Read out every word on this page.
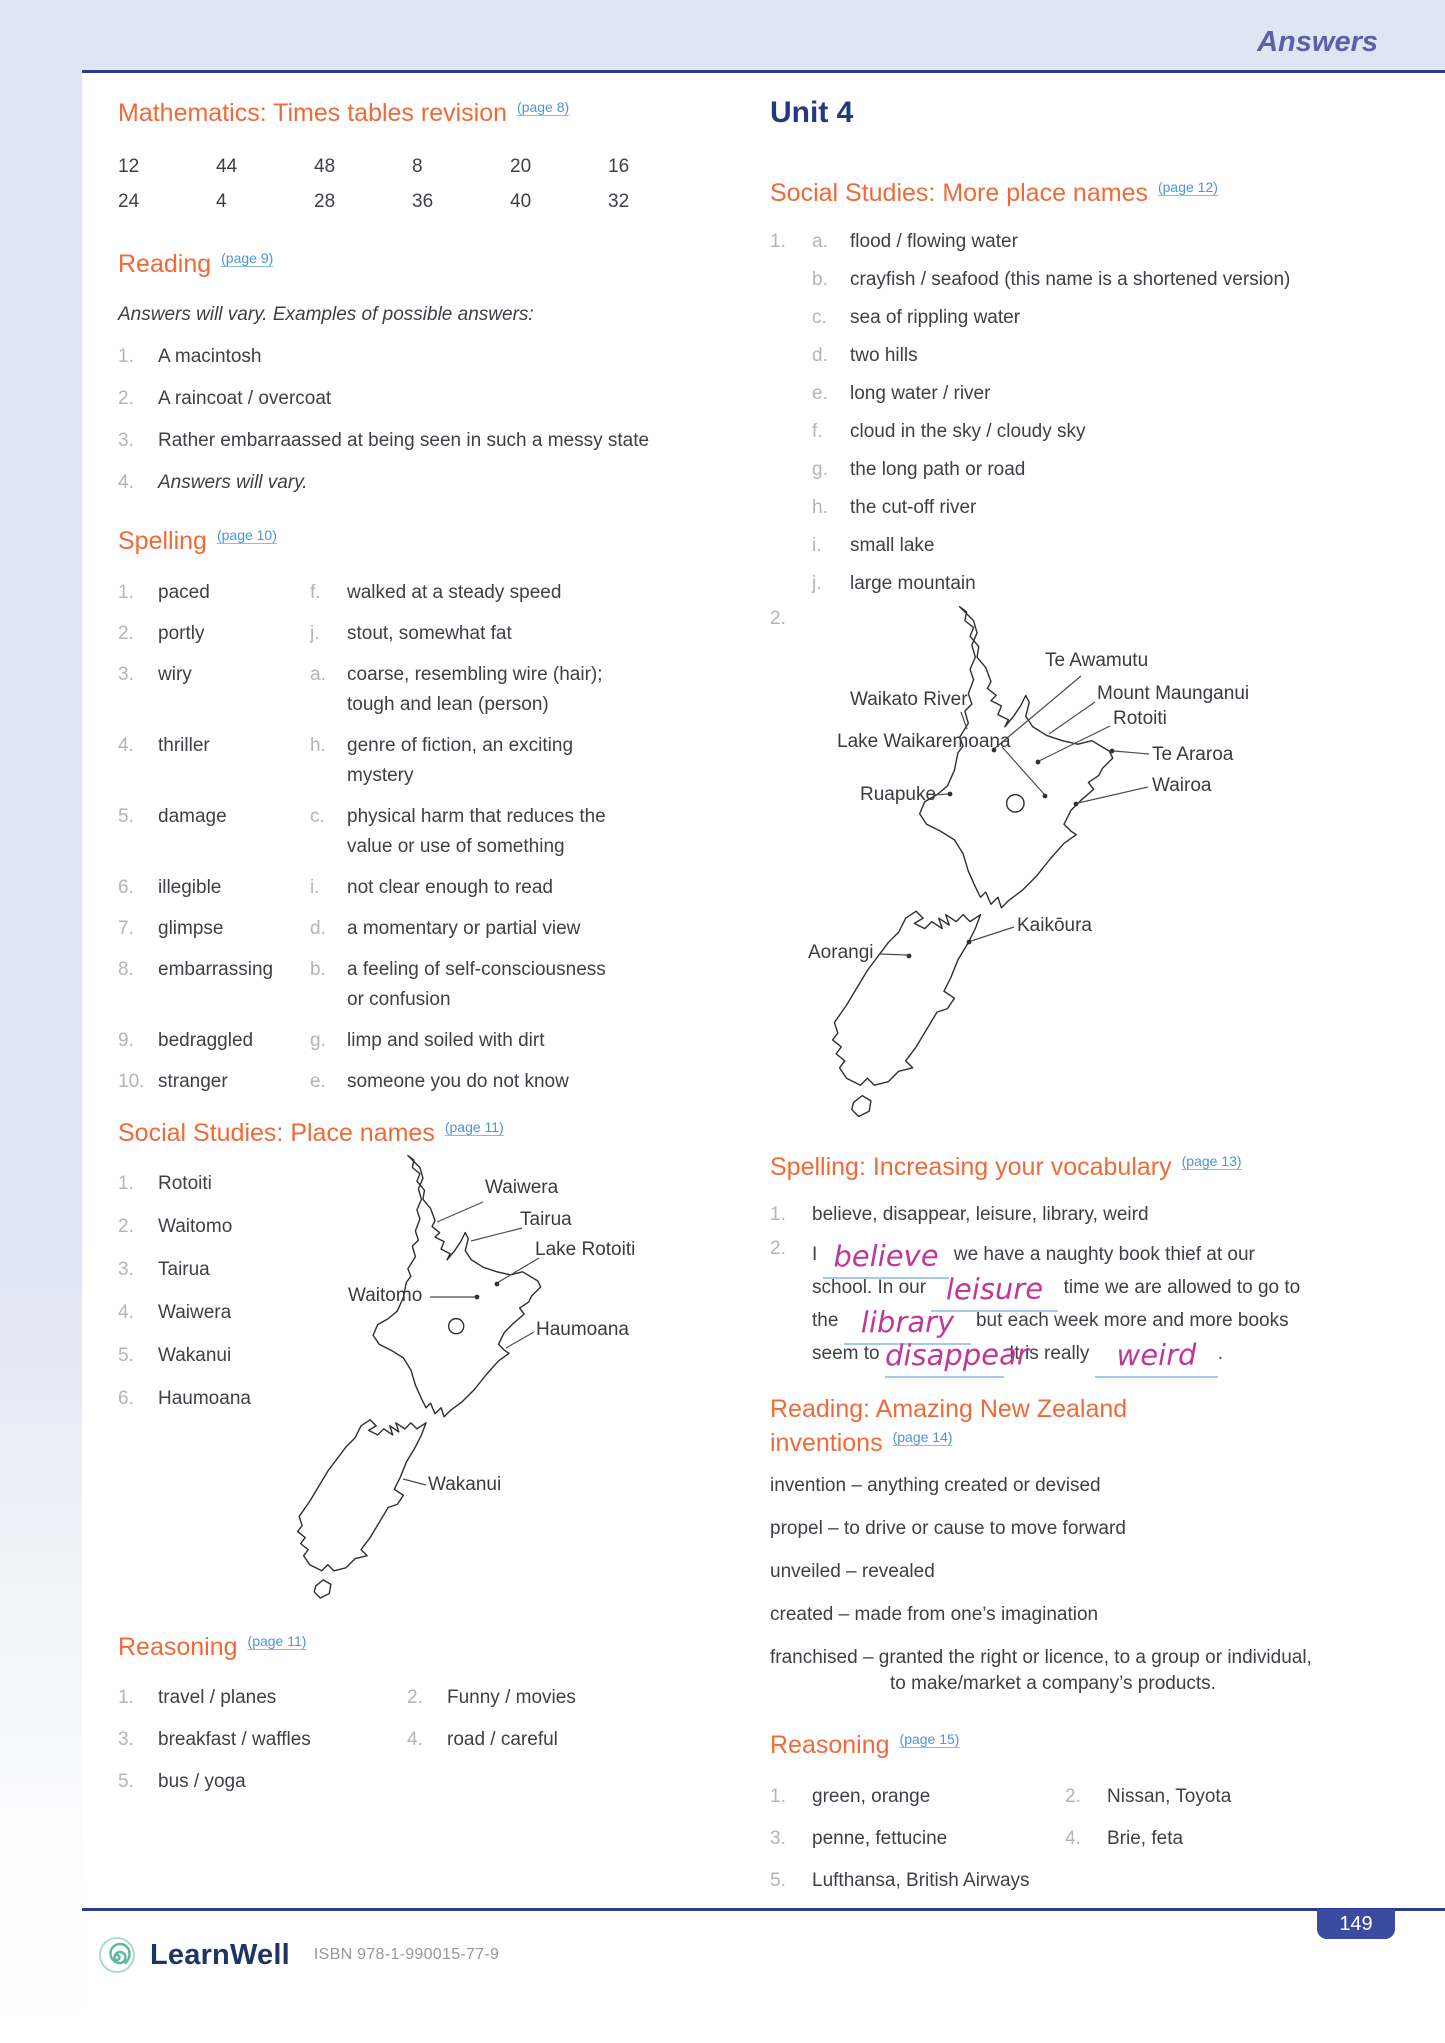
Answers
Mathematics: Times tables revision $^{(page 8)}$
12	44	48	8	20	16
24	4	28	36	40	32
Reading $^{(page 9)}$
Answers will vary. Examples of possible answers:
1.	A macintosh
2.	A raincoat / overcoat
3.	Rather embarraassed at being seen in such a messy state
4.	Answers will vary.
Spelling $^{(page 10)}$
1.	paced	f.	walked at a steady speed
2.	portly	j.	stout, somewhat fat
3.	wiry	a.	coarse, resembling wire (hair); tough and lean (person)
4.	thriller	h.	genre of fiction, an exciting mystery
5.	damage	c.	physical harm that reduces the value or use of something
6.	illegible	i.	not clear enough to read
7.	glimpse	d.	a momentary or partial view
8.	embarrassing	b.	a feeling of self-consciousness or confusion
9.	bedraggled	g.	limp and soiled with dirt
10. stranger	e.	someone you do not know
Social Studies: Place names $^{(page 11)}$
1.	Rotoiti
2.	Waitomo
3.	Tairua
4.	Waiwera
5.	Wakanui
6.	Haumoana
Waiwera
Tairua
Lake Rotoiti
Waitomo
Haumoana
Wakanui
Reasoning $^{(page 11)}$
1.	travel / planes	2.	Funny / movies
3.	breakfast / waffles	4.	road / careful
5.	bus / yoga
Unit 4
Social Studies: More place names $^{(page 12)}$
1.	a.	flood / flowing water
b.	crayfish / seafood (this name is a shortened version)
c.	sea of rippling water
d.	two hills
e.	long water / river
f.	cloud in the sky / cloudy sky
g.	the long path or road
h.	the cut-off river
i.	small lake
j.	large mountain
2.
Te Awamutu
Waikato River	Mount Maunganui
Rotoiti
Lake Waikaremoana
Te Araroa
Ruapuke	Wairoa
Kaikōura
Aorangi
Spelling: Increasing your vocabulary $^{(page 13)}$
1.	believe, disappear, leisure, library, weird
2.	I believe we have a naughty book thief at our
school. In our leisure	time we are allowed to go to
the library	but each week more and more books
seem to disappear
It is really weird	.
Reading: Amazing New Zealand
inventions $^{(page 14)}$
invention – anything created or devised
propel – to drive or cause to move forward
unveiled – revealed
created – made from one’s imagination
franchised – granted the right or licence, to a group or individual,
to make/market a company’s products.
Reasoning $^{(page 15)}$
1.	green, orange	2.	Nissan, Toyota
3.	penne, fettucine	4.	Brie, feta
5.	Lufthansa, British Airways
149
LearnWell ISBN 978-1-990015-77-9
